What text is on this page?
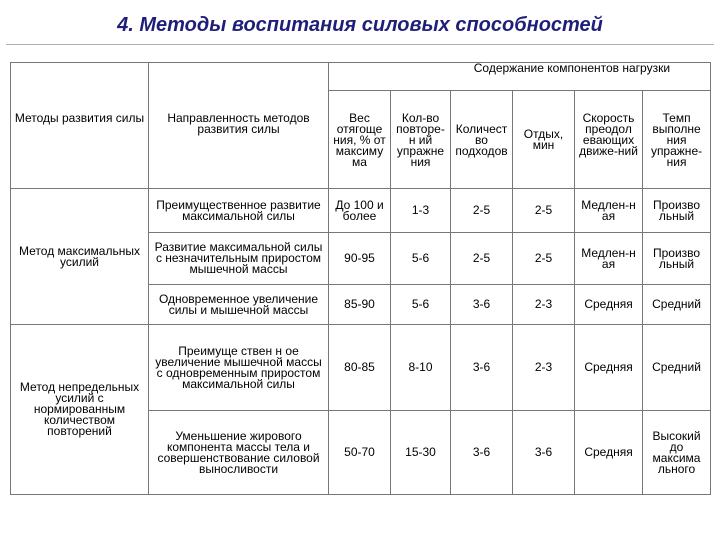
4. Методы воспитания силовых способностей
		Содержание компонентов нагрузки					
Методы развития силы	Направленность методов развития силы	Вес отягоще ния, % от максиму ма	Кол-во повторе-н ий упражне ния	Количест во подходов	Отдых, мин	Скорость преодол евающих движе-ний	Темп выполне ния упражне-ния
Метод максимальных усилий	Преимущественное развитие максимальной силы	До 100 и более	1-3	2-5	2-5	Медлен-н ая	Произво льный
	Развитие максимальной силы с незначительным приростом мышечной массы	90-95	5-6	2-5	2-5	Медлен-н ая	Произво льный
	Одновременное увеличение силы и мышечной массы	85-90	5-6	3-6	2-3	Средняя	Средний
Метод непредельных усилий с нормированным количеством повторений	Преимуще ствен н ое увеличение мышечной массы с одновременным приростом максимальной силы	80-85	8-10	3-6	2-3	Средняя	Средний
	Уменьшение жирового компонента массы тела и совершенствование силовой выносливости	50-70	15-30	3-6	3-6	Средняя	Высокий до максима льного
